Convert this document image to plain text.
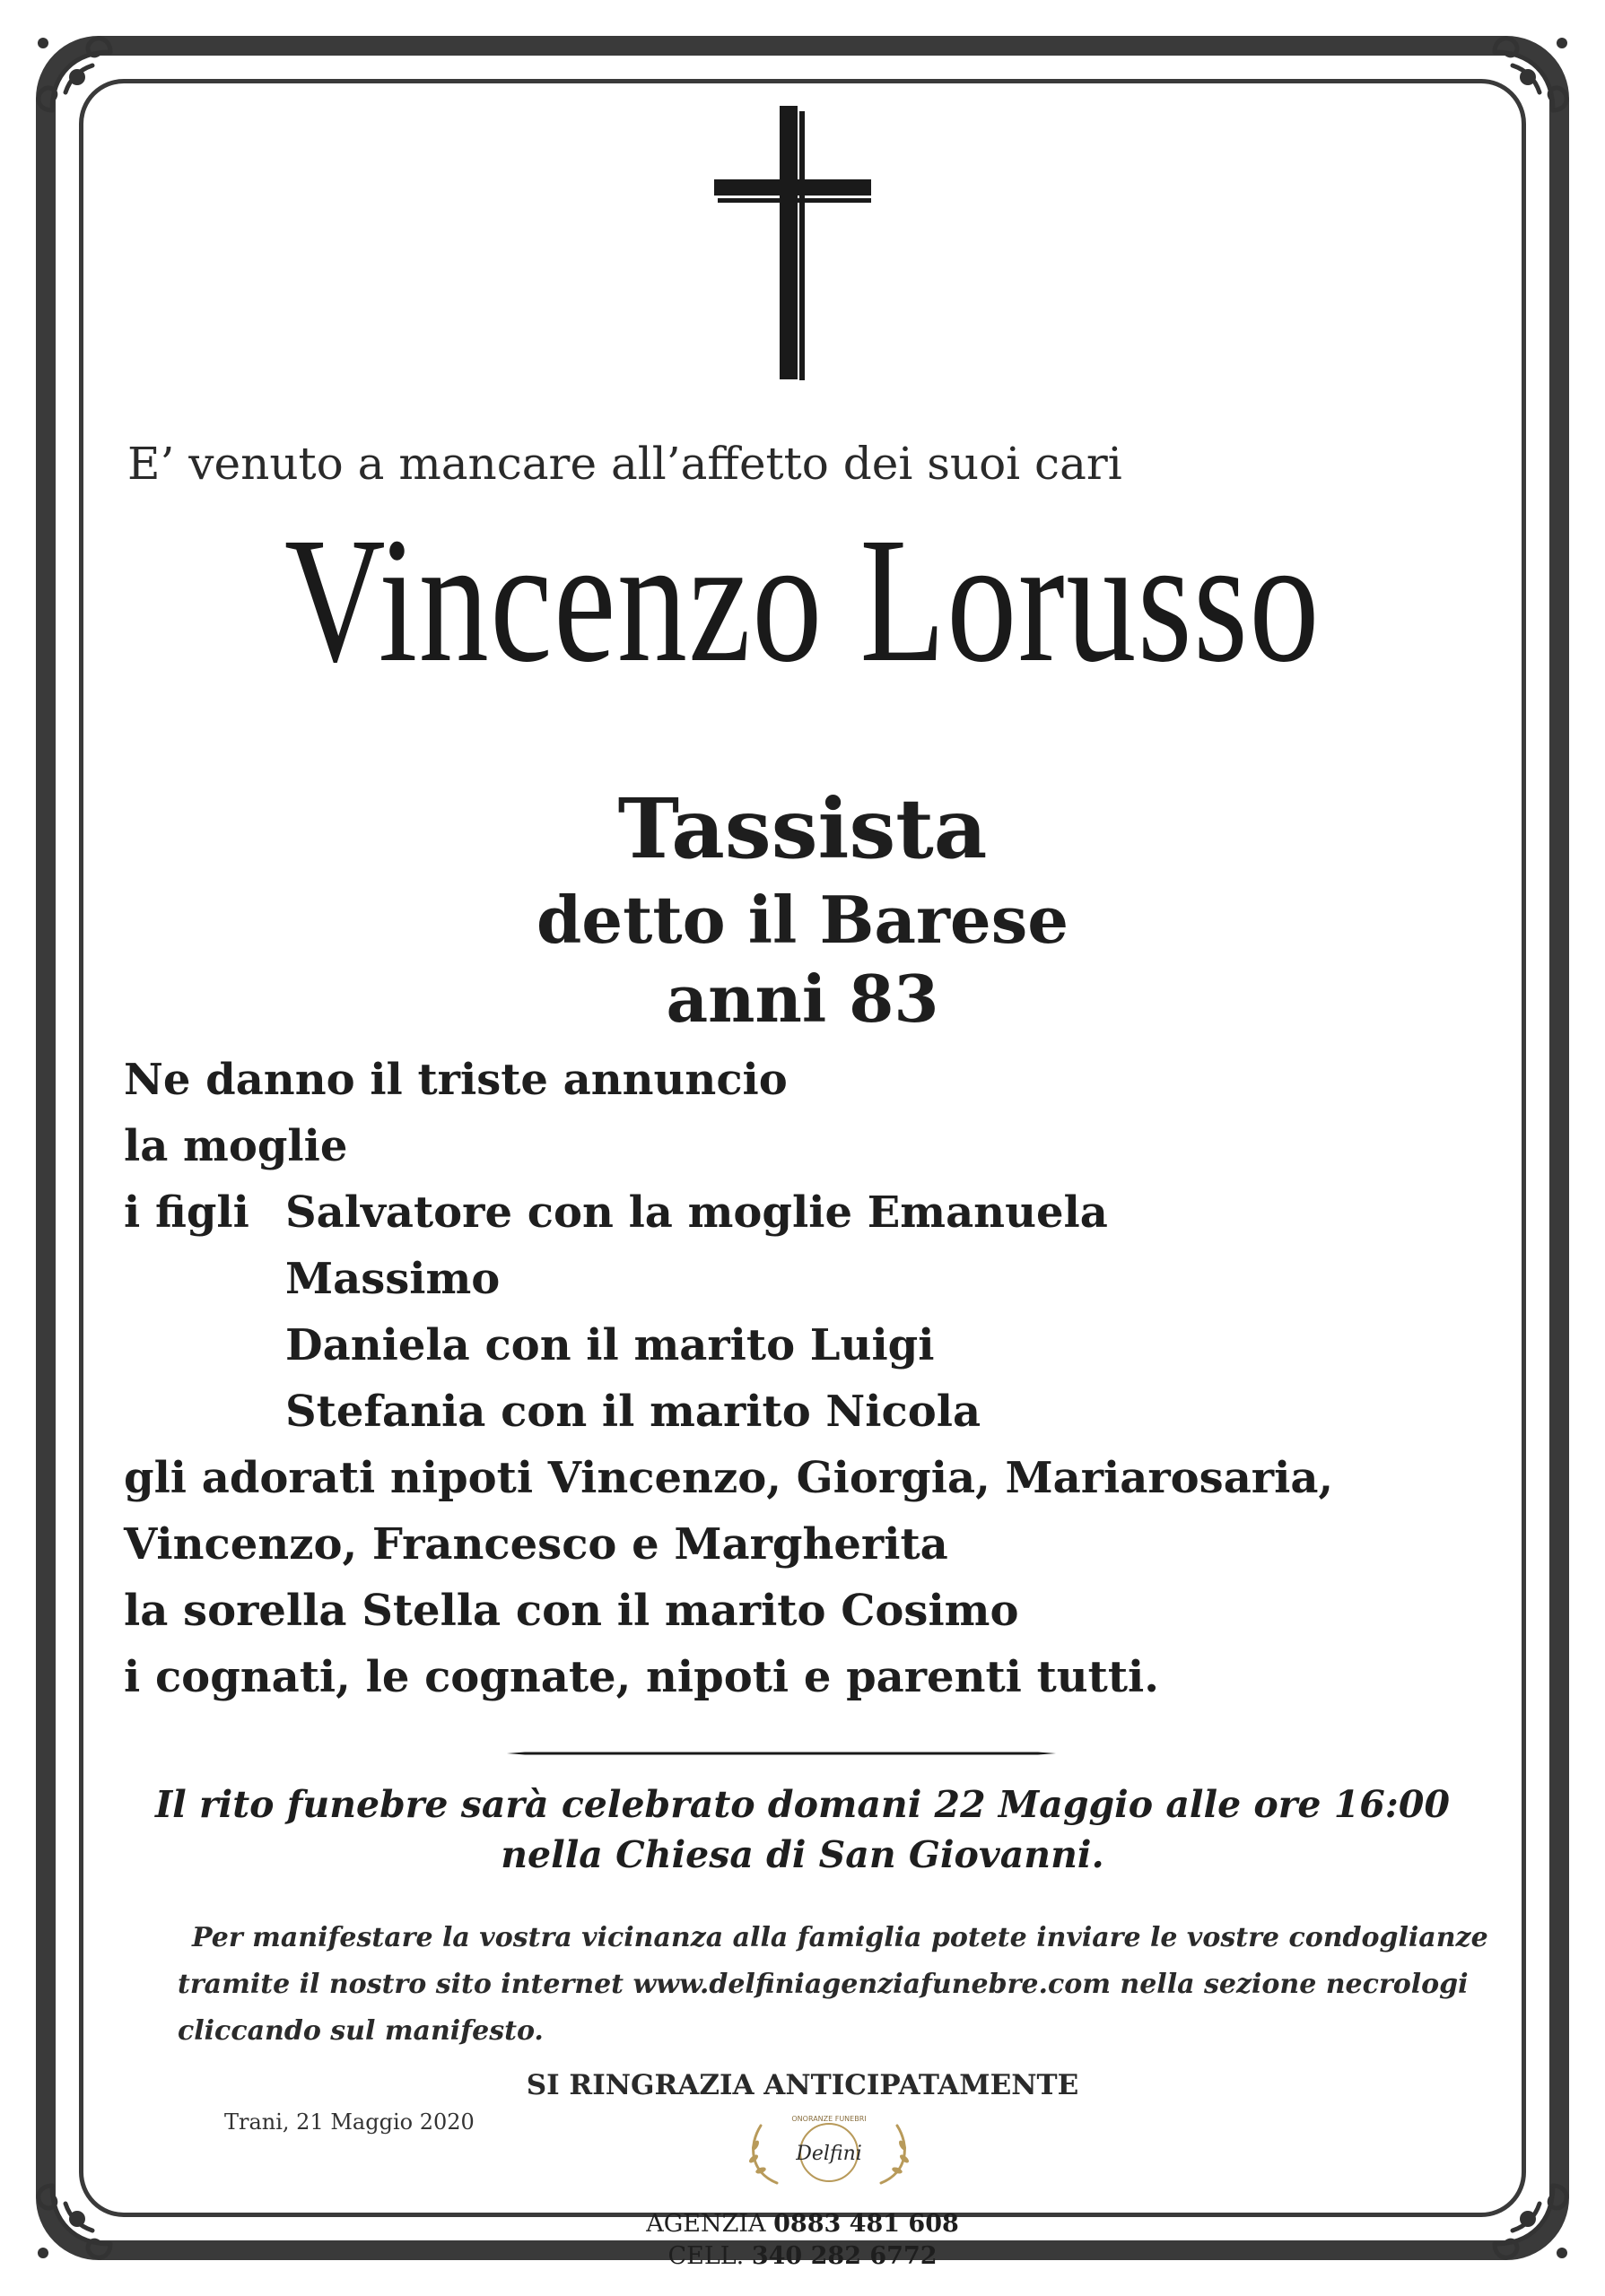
E’ venuto a mancare all’affetto dei suoi cari
Vincenzo Lorusso
Tassista
detto il Barese
anni 83
Ne danno il triste annuncio
la moglie
i figli Salvatore con la moglie Emanuela
Massimo
Daniela con il marito Luigi
Stefania con il marito Nicola
gli adorati nipoti Vincenzo, Giorgia, Mariarosaria,
Vincenzo, Francesco e Margherita
la sorella Stella con il marito Cosimo
i cognati, le cognate, nipoti e parenti tutti.
Il rito funebre sarà celebrato domani 22 Maggio alle ore 16:00
nella Chiesa di San Giovanni.
Per manifestare la vostra vicinanza alla famiglia potete inviare le vostre condoglianze
tramite il nostro sito internet www.delfiniagenziafunebre.com nella sezione necrologi
cliccando sul manifesto.
SI RINGRAZIA ANTICIPATAMENTE
Trani, 21 Maggio 2020	ONORANZE FUNEBRI
Delfini
AGENZIA 0883 481 608
CELL. 340 282 6772
